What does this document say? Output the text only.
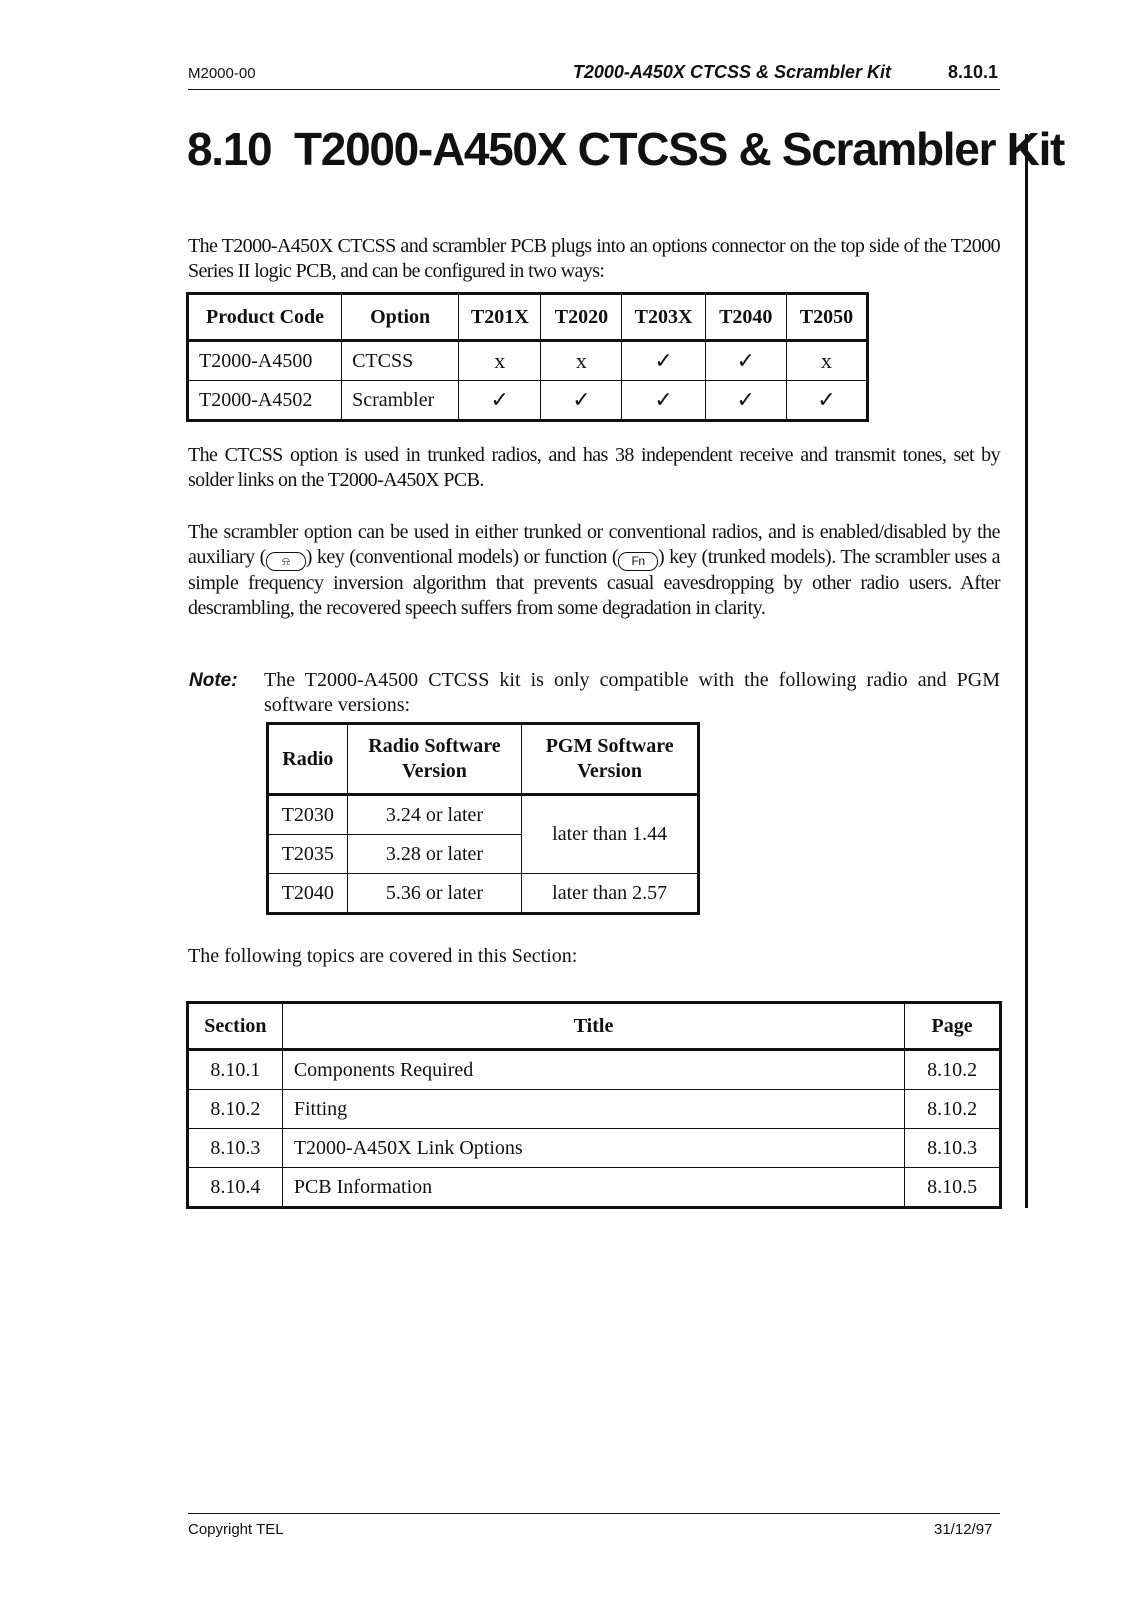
M2000-00	T2000-A450X CTCSS & Scrambler Kit	8.10.1
8.10 T2000-A450X CTCSS & Scrambler Kit

The T2000-A450X CTCSS and scrambler PCB plugs into an options connector on the top side of the T2000 Series II logic PCB, and can be configured in two ways:

Product Code	Option	T201X	T2020	T203X	T2040	T2050
T2000-A4500	CTCSS	x	x	✓	✓	x
T2000-A4502	Scrambler	✓	✓	✓	✓	✓

The CTCSS option is used in trunked radios, and has 38 independent receive and transmit tones, set by solder links on the T2000-A450X PCB.

The scrambler option can be used in either trunked or conventional radios, and is enabled/disabled by the auxiliary ( ⍾ ) key (conventional models) or function ( Fn ) key (trunked models). The scrambler uses a simple frequency inversion algorithm that prevents casual eavesdropping by other radio users. After descrambling, the recovered speech suffers from some degradation in clarity.

Note: The T2000-A4500 CTCSS kit is only compatible with the following radio and PGM software versions:

Radio	Radio Software Version	PGM Software Version
T2030	3.24 or later	later than 1.44
T2035	3.28 or later	
T2040	5.36 or later	later than 2.57

The following topics are covered in this Section:

Section	Title	Page
8.10.1	Components Required	8.10.2
8.10.2	Fitting	8.10.2
8.10.3	T2000-A450X Link Options	8.10.3
8.10.4	PCB Information	8.10.5
Copyright TEL	31/12/97
